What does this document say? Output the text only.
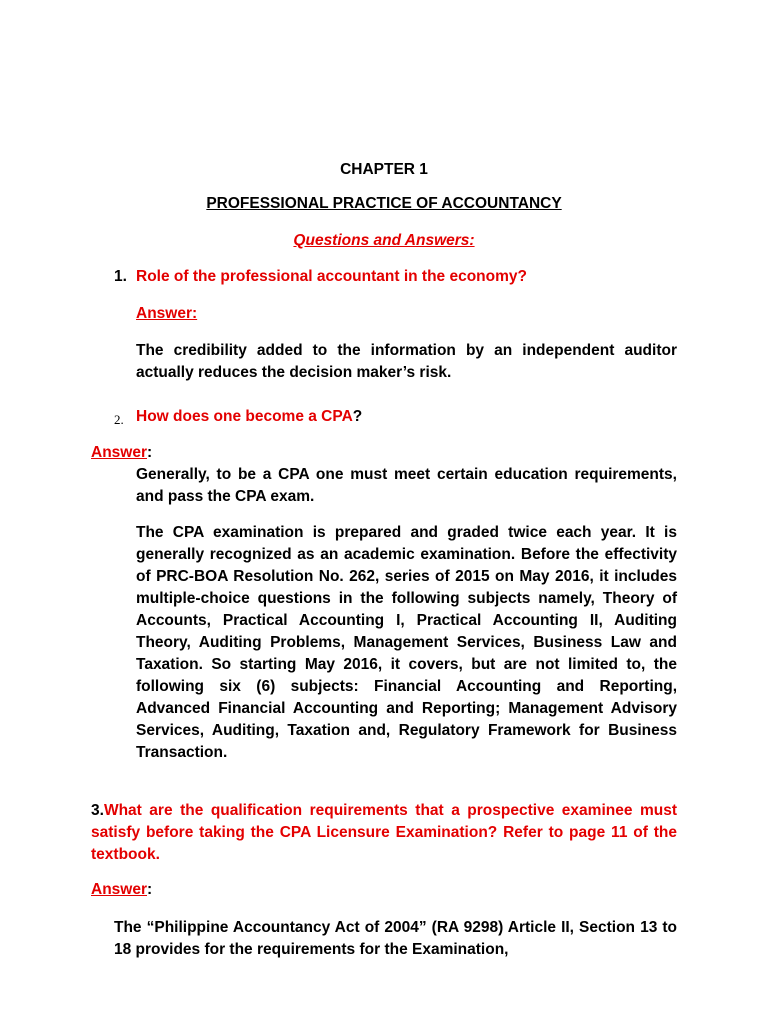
CHAPTER 1
PROFESSIONAL PRACTICE OF ACCOUNTANCY
Questions and Answers:
1. Role of the professional accountant in the economy?
Answer:
The credibility added to the information by an independent auditor actually reduces the decision maker’s risk.
2. How does one become a CPA?
Answer:
Generally, to be a CPA one must meet certain education requirements, and pass the CPA exam.
The CPA examination is prepared and graded twice each year. It is generally recognized as an academic examination. Before the effectivity of PRC-BOA Resolution No. 262, series of 2015 on May 2016, it includes multiple-choice questions in the following subjects namely, Theory of Accounts, Practical Accounting I, Practical Accounting II, Auditing Theory, Auditing Problems, Management Services, Business Law and Taxation. So starting May 2016, it covers, but are not limited to, the following six (6) subjects: Financial Accounting and Reporting, Advanced Financial Accounting and Reporting; Management Advisory Services, Auditing, Taxation and, Regulatory Framework for Business Transaction.
3.What are the qualification requirements that a prospective examinee must satisfy before taking the CPA Licensure Examination? Refer to page 11 of the textbook.
Answer:
The “Philippine Accountancy Act of 2004” (RA 9298) Article II, Section 13 to 18 provides for the requirements for the Examination,
